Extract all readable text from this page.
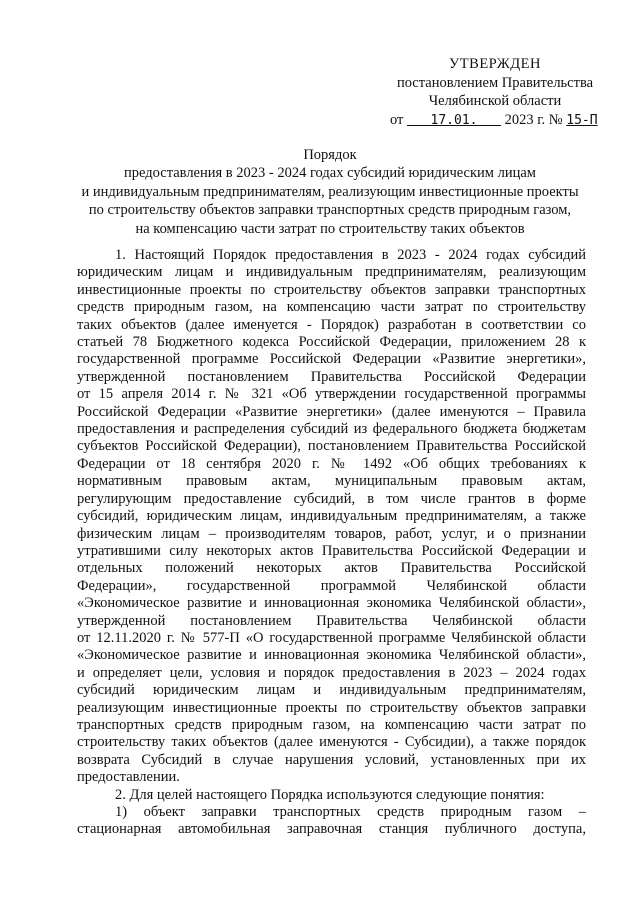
УТВЕРЖДЕН
постановлением Правительства
Челябинской области
от 17.01. 2023 г. № 15-П
Порядок
предоставления в 2023 - 2024 годах субсидий юридическим лицам
и индивидуальным предпринимателям, реализующим инвестиционные проекты
по строительству объектов заправки транспортных средств природным газом,
на компенсацию части затрат по строительству таких объектов
1. Настоящий Порядок предоставления в 2023 - 2024 годах субсидий
юридическим лицам и индивидуальным предпринимателям, реализующим
инвестиционные проекты по строительству объектов заправки транспортных
средств природным газом, на компенсацию части затрат по строительству
таких объектов (далее именуется - Порядок) разработан в соответствии со
статьей 78 Бюджетного кодекса Российской Федерации, приложением 28 к
государственной программе Российской Федерации «Развитие энергетики»,
утвержденной постановлением Правительства Российской Федерации
от 15 апреля 2014 г. № 321 «Об утверждении государственной программы
Российской Федерации «Развитие энергетики» (далее именуются – Правила
предоставления и распределения субсидий из федерального бюджета бюджетам
субъектов Российской Федерации), постановлением Правительства Российской
Федерации от 18 сентября 2020 г. № 1492 «Об общих требованиях к
нормативным правовым актам, муниципальным правовым актам,
регулирующим предоставление субсидий, в том числе грантов в форме
субсидий, юридическим лицам, индивидуальным предпринимателям, а также
физическим лицам – производителям товаров, работ, услуг, и о признании
утратившими силу некоторых актов Правительства Российской Федерации и
отдельных положений некоторых актов Правительства Российской
Федерации», государственной программой Челябинской области
«Экономическое развитие и инновационная экономика Челябинской области»,
утвержденной постановлением Правительства Челябинской области
от 12.11.2020 г. № 577-П «О государственной программе Челябинской области
«Экономическое развитие и инновационная экономика Челябинской области»,
и определяет цели, условия и порядок предоставления в 2023 – 2024 годах
субсидий юридическим лицам и индивидуальным предпринимателям,
реализующим инвестиционные проекты по строительству объектов заправки
транспортных средств природным газом, на компенсацию части затрат по
строительству таких объектов (далее именуются - Субсидии), а также порядок
возврата Субсидий в случае нарушения условий, установленных при их
предоставлении.
2. Для целей настоящего Порядка используются следующие понятия:
1) объект заправки транспортных средств природным газом –
стационарная автомобильная заправочная станция публичного доступа,
